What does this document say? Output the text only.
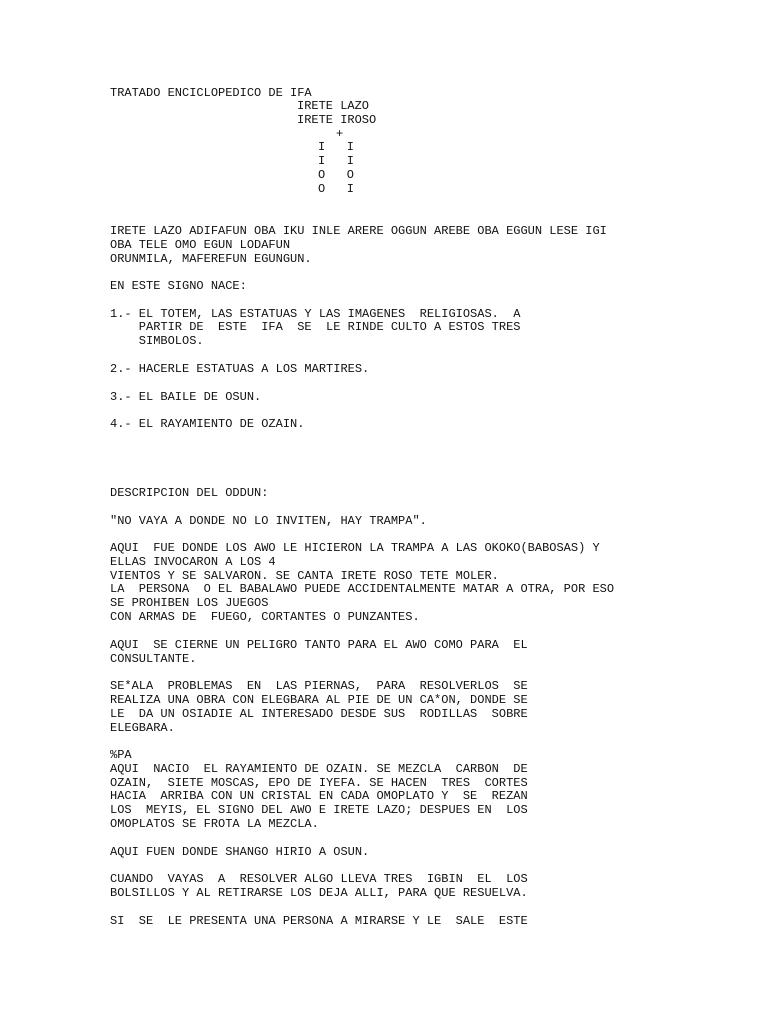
TRATADO ENCICLOPEDICO DE IFA
IRETE LAZO
IRETE IROSO
+
I   I
I   I
O   O
O   I
IRETE LAZO ADIFAFUN OBA IKU INLE ARERE OGGUN AREBE OBA EGGUN LESE IGI
OBA TELE OMO EGUN LODAFUN
ORUNMILA, MAFEREFUN EGUNGUN.
EN ESTE SIGNO NACE:
1.- EL TOTEM, LAS ESTATUAS Y LAS IMAGENES  RELIGIOSAS.  A
PARTIR DE  ESTE  IFA  SE  LE RINDE CULTO A ESTOS TRES
SIMBOLOS.
2.- HACERLE ESTATUAS A LOS MARTIRES.
3.- EL BAILE DE OSUN.
4.- EL RAYAMIENTO DE OZAIN.
DESCRIPCION DEL ODDUN:
"NO VAYA A DONDE NO LO INVITEN, HAY TRAMPA".
AQUI  FUE DONDE LOS AWO LE HICIERON LA TRAMPA A LAS OKOKO(BABOSAS) Y
ELLAS INVOCARON A LOS 4
VIENTOS Y SE SALVARON. SE CANTA IRETE ROSO TETE MOLER.
LA  PERSONA  O EL BABALAWO PUEDE ACCIDENTALMENTE MATAR A OTRA, POR ESO
SE PROHIBEN LOS JUEGOS
CON ARMAS DE  FUEGO, CORTANTES O PUNZANTES.
AQUI  SE CIERNE UN PELIGRO TANTO PARA EL AWO COMO PARA  EL
CONSULTANTE.
SE*ALA  PROBLEMAS  EN  LAS PIERNAS,  PARA  RESOLVERLOS  SE
REALIZA UNA OBRA CON ELEGBARA AL PIE DE UN CA*ON, DONDE SE
LE  DA UN OSIADIE AL INTERESADO DESDE SUS  RODILLAS  SOBRE
ELEGBARA.
%PA
AQUI  NACIO  EL RAYAMIENTO DE OZAIN. SE MEZCLA  CARBON  DE
OZAIN,  SIETE MOSCAS, EPO DE IYEFA. SE HACEN  TRES  CORTES
HACIA  ARRIBA CON UN CRISTAL EN CADA OMOPLATO Y  SE  REZAN
LOS  MEYIS, EL SIGNO DEL AWO E IRETE LAZO; DESPUES EN  LOS
OMOPLATOS SE FROTA LA MEZCLA.
AQUI FUEN DONDE SHANGO HIRIO A OSUN.
CUANDO  VAYAS  A  RESOLVER ALGO LLEVA TRES  IGBIN  EL  LOS
BOLSILLOS Y AL RETIRARSE LOS DEJA ALLI, PARA QUE RESUELVA.
SI  SE  LE PRESENTA UNA PERSONA A MIRARSE Y LE  SALE  ESTE
